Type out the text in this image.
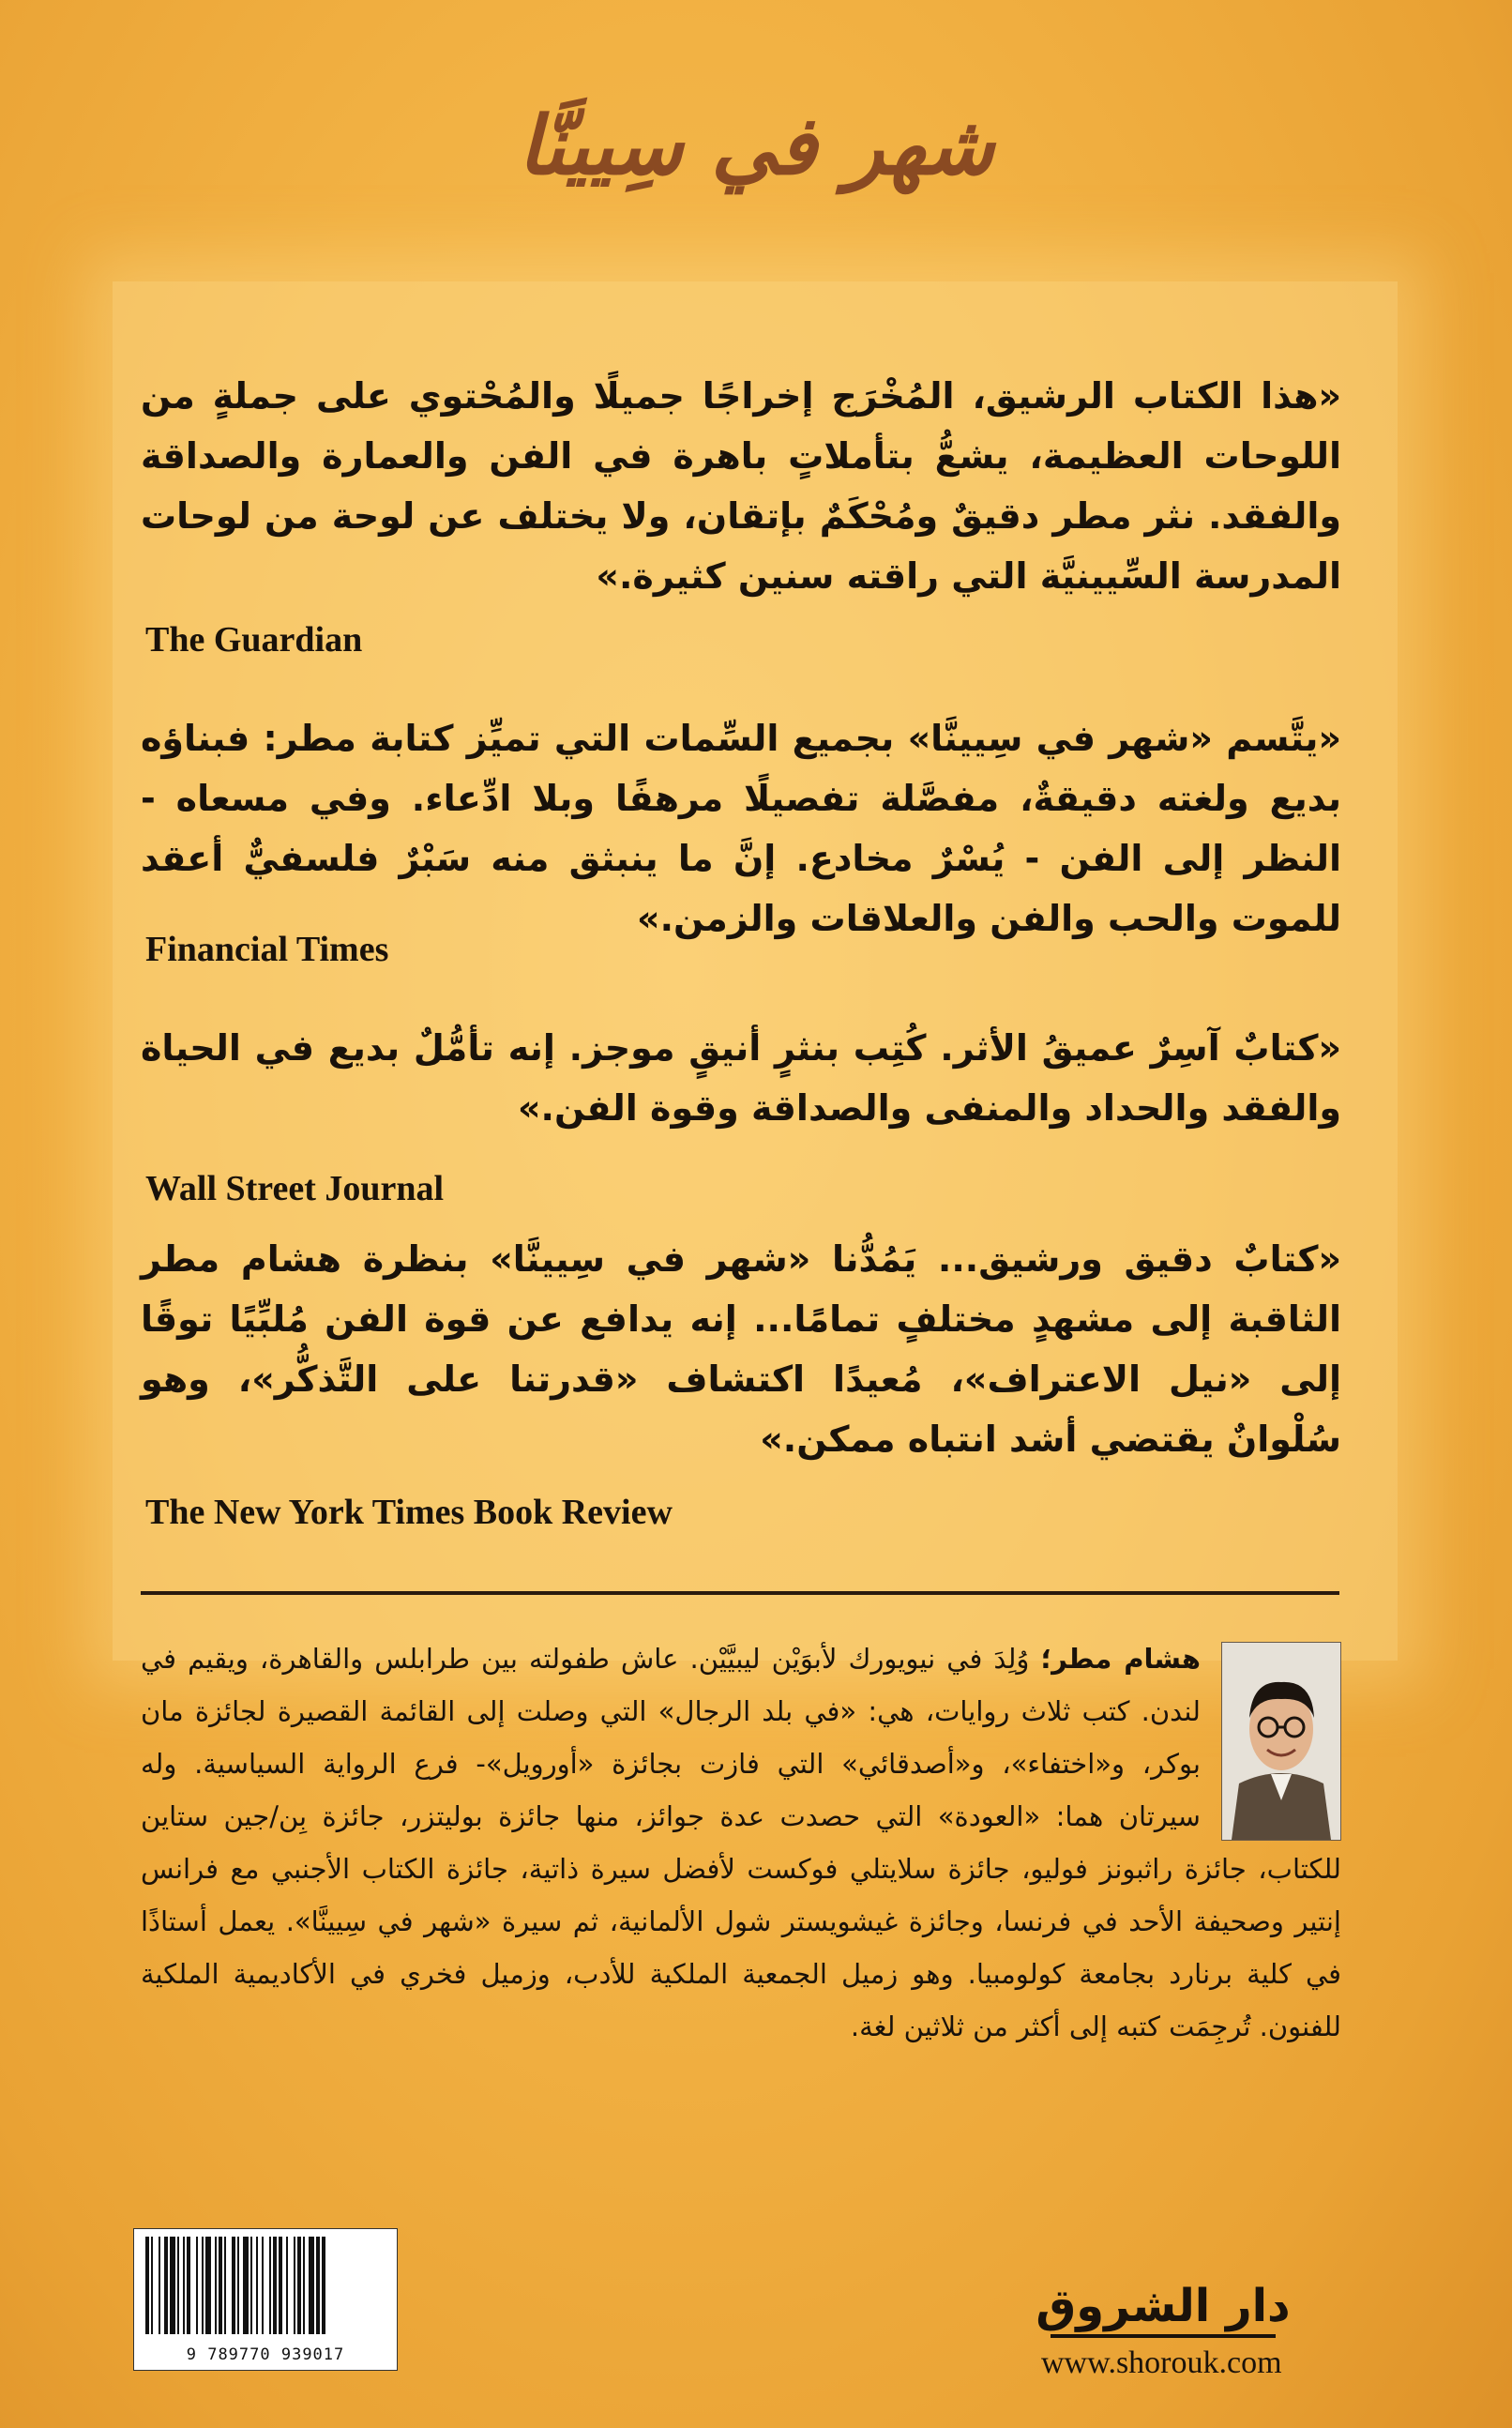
شهر في سِيينَّا
«هذا الكتاب الرشيق، المُخْرَج إخراجًا جميلًا والمُحْتوي على جملةٍ من اللوحات العظيمة، يشعُّ بتأملاتٍ باهرة في الفن والعمارة والصداقة والفقد. نثر مطر دقيقٌ ومُحْكَمٌ بإتقان، ولا يختلف عن لوحة من لوحات المدرسة السِّيينيَّة التي راقته سنين كثيرة.»
The Guardian
«يتَّسم «شهر في سِيينَّا» بجميع السِّمات التي تميِّز كتابة مطر: فبناؤه بديع ولغته دقيقةٌ، مفصَّلة تفصيلًا مرهفًا وبلا ادِّعاء. وفي مسعاه - النظر إلى الفن - يُسْرٌ مخادع. إنَّ ما ينبثق منه سَبْرٌ فلسفيٌّ أعقد للموت والحب والفن والعلاقات والزمن.»
Financial Times
«كتابٌ آسِرٌ عميقُ الأثر. كُتِب بنثرٍ أنيقٍ موجز. إنه تأمُّلٌ بديع في الحياة والفقد والحداد والمنفى والصداقة وقوة الفن.»
Wall Street Journal
«كتابٌ دقيق ورشيق... يَمُدُّنا «شهر في سِيينَّا» بنظرة هشام مطر الثاقبة إلى مشهدٍ مختلفٍ تمامًا... إنه يدافع عن قوة الفن مُلبِّيًا توقًا إلى «نيل الاعتراف»، مُعيدًا اكتشاف «قدرتنا على التَّذكُّر»، وهو سُلْوانٌ يقتضي أشد انتباه ممكن.»
The New York Times Book Review
هشام مطر؛ وُلِدَ في نيويورك لأبوَيْن ليبيَّيْن. عاش طفولته بين طرابلس والقاهرة، ويقيم في لندن. كتب ثلاث روايات، هي: «في بلد الرجال» التي وصلت إلى القائمة القصيرة لجائزة مان بوكر، و«اختفاء»، و«أصدقائي» التي فازت بجائزة «أورويل»- فرع الرواية السياسية. وله سيرتان هما: «العودة» التي حصدت عدة جوائز، منها جائزة بوليتزر، جائزة بِن/جين ستاين للكتاب، جائزة راثبونز فوليو، جائزة سلايتلي فوكست لأفضل سيرة ذاتية، جائزة الكتاب الأجنبي مع فرانس إنتير وصحيفة الأحد في فرنسا، وجائزة غيشويستر شول الألمانية، ثم سيرة «شهر في سِيينَّا». يعمل أستاذًا في كلية برنارد بجامعة كولومبيا. وهو زميل الجمعية الملكية للأدب، وزميل فخري في الأكاديمية الملكية للفنون. تُرجِمَت كتبه إلى أكثر من ثلاثين لغة.
9 789770 939017
دار الشروق
www.shorouk.com
